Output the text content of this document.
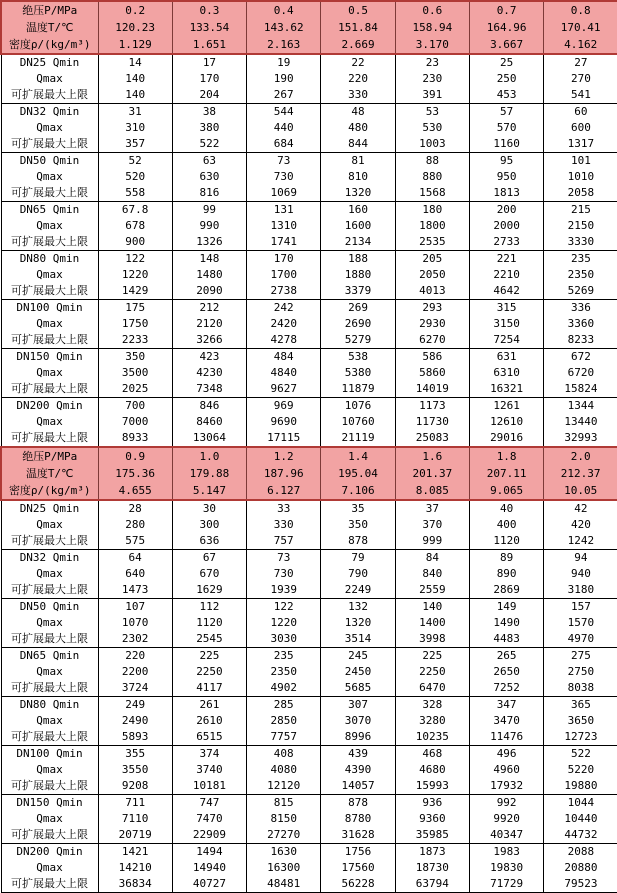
绝压P/MPa	0.2	0.3	0.4	0.5	0.6	0.7	0.8
温度T/℃	120.23	133.54	143.62	151.84	158.94	164.96	170.41
密度ρ/(kg/m³)	1.129	1.651	2.163	2.669	3.170	3.667	4.162
DN25 Qmin	14	17	19	22	23	25	27
Qmax	140	170	190	220	230	250	270
可扩展最大上限	140	204	267	330	391	453	541
DN32 Qmin	31	38	544	48	53	57	60
Qmax	310	380	440	480	530	570	600
可扩展最大上限	357	522	684	844	1003	1160	1317
DN50 Qmin	52	63	73	81	88	95	101
Qmax	520	630	730	810	880	950	1010
可扩展最大上限	558	816	1069	1320	1568	1813	2058
DN65 Qmin	67.8	99	131	160	180	200	215
Qmax	678	990	1310	1600	1800	2000	2150
可扩展最大上限	900	1326	1741	2134	2535	2733	3330
DN80 Qmin	122	148	170	188	205	221	235
Qmax	1220	1480	1700	1880	2050	2210	2350
可扩展最大上限	1429	2090	2738	3379	4013	4642	5269
DN100 Qmin	175	212	242	269	293	315	336
Qmax	1750	2120	2420	2690	2930	3150	3360
可扩展最大上限	2233	3266	4278	5279	6270	7254	8233
DN150 Qmin	350	423	484	538	586	631	672
Qmax	3500	4230	4840	5380	5860	6310	6720
可扩展最大上限	2025	7348	9627	11879	14019	16321	15824
DN200 Qmin	700	846	969	1076	1173	1261	1344
Qmax	7000	8460	9690	10760	11730	12610	13440
可扩展最大上限	8933	13064	17115	21119	25083	29016	32993
绝压P/MPa	0.9	1.0	1.2	1.4	1.6	1.8	2.0
温度T/℃	175.36	179.88	187.96	195.04	201.37	207.11	212.37
密度ρ/(kg/m³)	4.655	5.147	6.127	7.106	8.085	9.065	10.05
DN25 Qmin	28	30	33	35	37	40	42
Qmax	280	300	330	350	370	400	420
可扩展最大上限	575	636	757	878	999	1120	1242
DN32 Qmin	64	67	73	79	84	89	94
Qmax	640	670	730	790	840	890	940
可扩展最大上限	1473	1629	1939	2249	2559	2869	3180
DN50 Qmin	107	112	122	132	140	149	157
Qmax	1070	1120	1220	1320	1400	1490	1570
可扩展最大上限	2302	2545	3030	3514	3998	4483	4970
DN65 Qmin	220	225	235	245	225	265	275
Qmax	2200	2250	2350	2450	2250	2650	2750
可扩展最大上限	3724	4117	4902	5685	6470	7252	8038
DN80 Qmin	249	261	285	307	328	347	365
Qmax	2490	2610	2850	3070	3280	3470	3650
可扩展最大上限	5893	6515	7757	8996	10235	11476	12723
DN100 Qmin	355	374	408	439	468	496	522
Qmax	3550	3740	4080	4390	4680	4960	5220
可扩展最大上限	9208	10181	12120	14057	15993	17932	19880
DN150 Qmin	711	747	815	878	936	992	1044
Qmax	7110	7470	8150	8780	9360	9920	10440
可扩展最大上限	20719	22909	27270	31628	35985	40347	44732
DN200 Qmin	1421	1494	1630	1756	1873	1983	2088
Qmax	14210	14940	16300	17560	18730	19830	20880
可扩展最大上限	36834	40727	48481	56228	63794	71729	79523
